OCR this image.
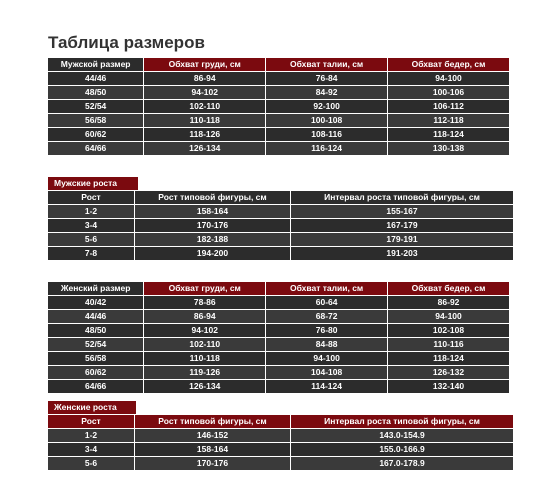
Таблица размеров
Мужской размер	Обхват груди, см	Обхват талии, см	Обхват бедер, см
44/46	86-94	76-84	94-100
48/50	94-102	84-92	100-106
52/54	102-110	92-100	106-112
56/58	110-118	100-108	112-118
60/62	118-126	108-116	118-124
64/66	126-134	116-124	130-138
Мужские роста
Рост	Рост типовой фигуры, см	Интервал роста типовой фигуры, см
1-2	158-164	155-167
3-4	170-176	167-179
5-6	182-188	179-191
7-8	194-200	191-203
Женский размер	Обхват груди, см	Обхват талии, см	Обхват бедер, см
40/42	78-86	60-64	86-92
44/46	86-94	68-72	94-100
48/50	94-102	76-80	102-108
52/54	102-110	84-88	110-116
56/58	110-118	94-100	118-124
60/62	119-126	104-108	126-132
64/66	126-134	114-124	132-140
Женские роста
Рост	Рост типовой фигуры, см	Интервал роста типовой фигуры, см
1-2	146-152	143.0-154.9
3-4	158-164	155.0-166.9
5-6	170-176	167.0-178.9
